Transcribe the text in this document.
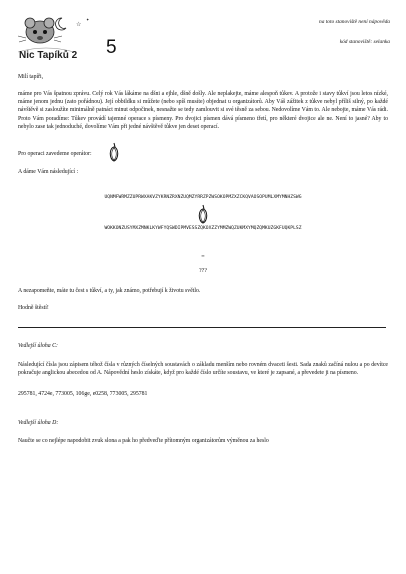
☆
✦
Nic Tapíků 2 5
na toto stanoviště není nápověda
kód stanoviště: selanka
Milí tapíři,
máme pro Vás špatnou zprávu. Celý rok Vás lákáme na dšni a ejhle, dšně došly. Ale neplakejte, máme alespoň tůkev. A protože i stavy tůkví jsou letos nízké, máme jenom jednu (zato pořádnou). Její obbildku si můžete (nebo spíš musíte) objednat u organizátorů. Aby Váš zážitek z tůkve nebyl příliš silný, po každé návštěvě si zasloužíte minimálně patnáct minut odpočinek, nesnažte se tedy zamlouvit si své těsně za sebou. Nedovolíme Vám to. Ale nebojte, máme Vás rádi. Proto Vám poradíme: Tůkev provádí tajemné operace s písmeny. Pro dvojici písmen dává písmeno třetí, pro některé dvojice ale ne. Není to jasné? Aby to nebylo zase tak jednoduché, dovolíme Vám při jedné návštěvě tůkve jen deset operací.
Pro operaci zavedeme operátor:
A dáme Vám následující :
UQNMFWRMZZUPRWXAKVZYKRNZRXNZUQMZYRRZPZWSOKOPMZXZCKQVAOSOPUMLXMYMNHZSWG
WOKKONZUSYMXZMNKLKYWFYQSWDIPMVESSZQKOXZZYMMZWQZUKMXYMQZQMKUZGKFUQKPLSZ
=
???
A nezapomeňte, máte tu čest s tůkví, a ty, jak známo, potřebují k životu světlo.
Hodně štěstí!
Vedlejší úloha C:
Následující čísla jsou zápisem téhož čísla v různých číselných soustavách o základu menším nebo rovném dvaceti šesti. Sada znaků začíná nulou a po devítce pokračuje anglickou abecedou od A. Nápovědní heslo získáte, když pro každé číslo určíte soustavu, ve které je zapsané, a převedete ji na písmeno.
295781, 4724e, 773005, 106ge, e0258, 773005, 295781
Vedlejší úloha D:
Naučte se co nejlépe napodobit zvuk slona a pak ho předveďte přítomným organizátorům výměnou za heslo
